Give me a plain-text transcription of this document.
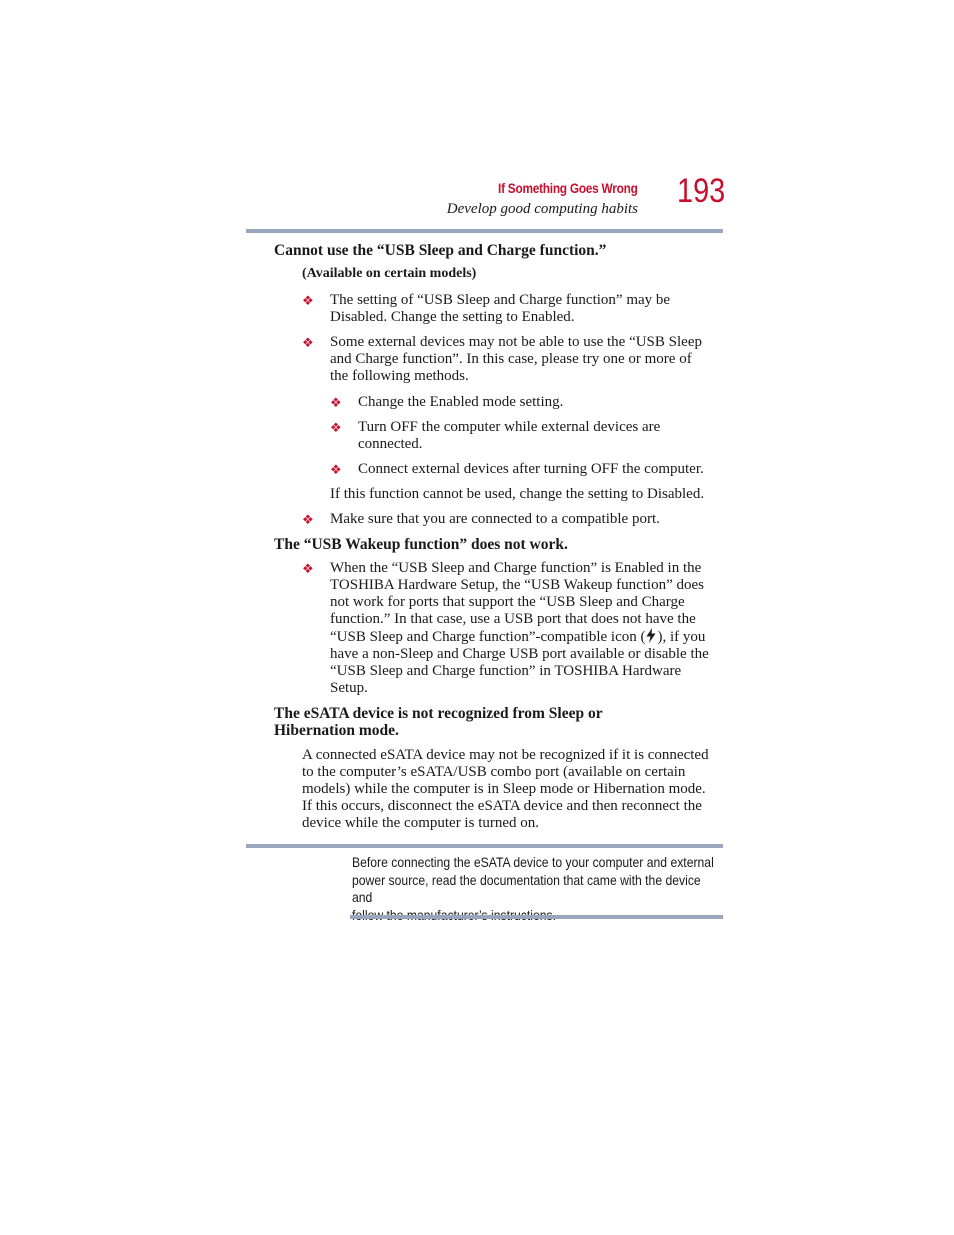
If Something Goes Wrong
Develop good computing habits 193
Cannot use the “USB Sleep and Charge function.”
(Available on certain models)
❖ The setting of “USB Sleep and Charge function” may be
Disabled. Change the setting to Enabled.
❖ Some external devices may not be able to use the “USB Sleep
and Charge function”. In this case, please try one or more of
the following methods.
❖ Change the Enabled mode setting.
❖ Turn OFF the computer while external devices are
connected.
❖ Connect external devices after turning OFF the computer.
If this function cannot be used, change the setting to Disabled.
❖ Make sure that you are connected to a compatible port.
The “USB Wakeup function” does not work.
❖ When the “USB Sleep and Charge function” is Enabled in the
TOSHIBA Hardware Setup, the “USB Wakeup function” does
not work for ports that support the “USB Sleep and Charge
function.” In that case, use a USB port that does not have the
“USB Sleep and Charge function”-compatible icon ( ), if you
have a non-Sleep and Charge USB port available or disable the
“USB Sleep and Charge function” in TOSHIBA Hardware
Setup.
The eSATA device is not recognized from Sleep or
Hibernation mode.
A connected eSATA device may not be recognized if it is connected
to the computer’s eSATA/USB combo port (available on certain
models) while the computer is in Sleep mode or Hibernation mode.
If this occurs, disconnect the eSATA device and then reconnect the
device while the computer is turned on.
Before connecting the eSATA device to your computer and external
power source, read the documentation that came with the device and
